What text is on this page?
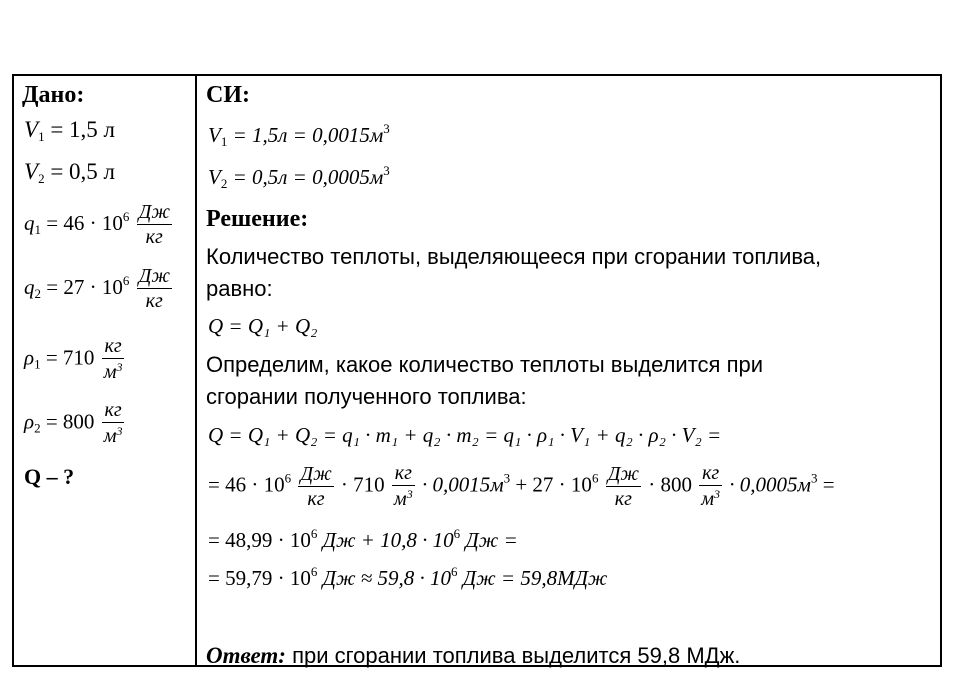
Дано:
$V_1 = 1,5$ л
$V_2 = 0,5$ л
$q_1 = 46 \cdot 10^6 \frac{Дж}{кг}$
$q_2 = 27 \cdot 10^6 \frac{Дж}{кг}$
$\rho_1 = 710 \frac{кг}{м^3}$
$\rho_2 = 800 \frac{кг}{м^3}$
Q – ?
СИ:
$V_1 = 1,5л = 0,0015м^3$
$V_2 = 0,5л = 0,0005м^3$
Решение:
Количество теплоты, выделяющееся при сгорании топлива,
равно:
Q = Q₁ + Q₂
Определим, какое количество теплоты выделится при
сгорании полученного топлива:
Q = Q₁ + Q₂ = q₁ · m₁ + q₂ · m₂ = q₁ · ρ₁ · V₁ + q₂ · ρ₂ · V₂ =
= $46 \cdot 10^6 \frac{Дж}{кг} \cdot 710 \frac{кг}{м^3} \cdot 0,0015м^3 + 27 \cdot 10^6 \frac{Дж}{кг} \cdot 800 \frac{кг}{м^3} \cdot 0,0005м^3$ =
= $48,99 \cdot 10^6$ Дж + $10,8 \cdot 10^6$ Дж =
= $59,79 \cdot 10^6$ Дж ≈ $59,8 \cdot 10^6$ Дж = 59,8МДж
Ответ: при сгорании топлива выделится 59,8 МДж.
